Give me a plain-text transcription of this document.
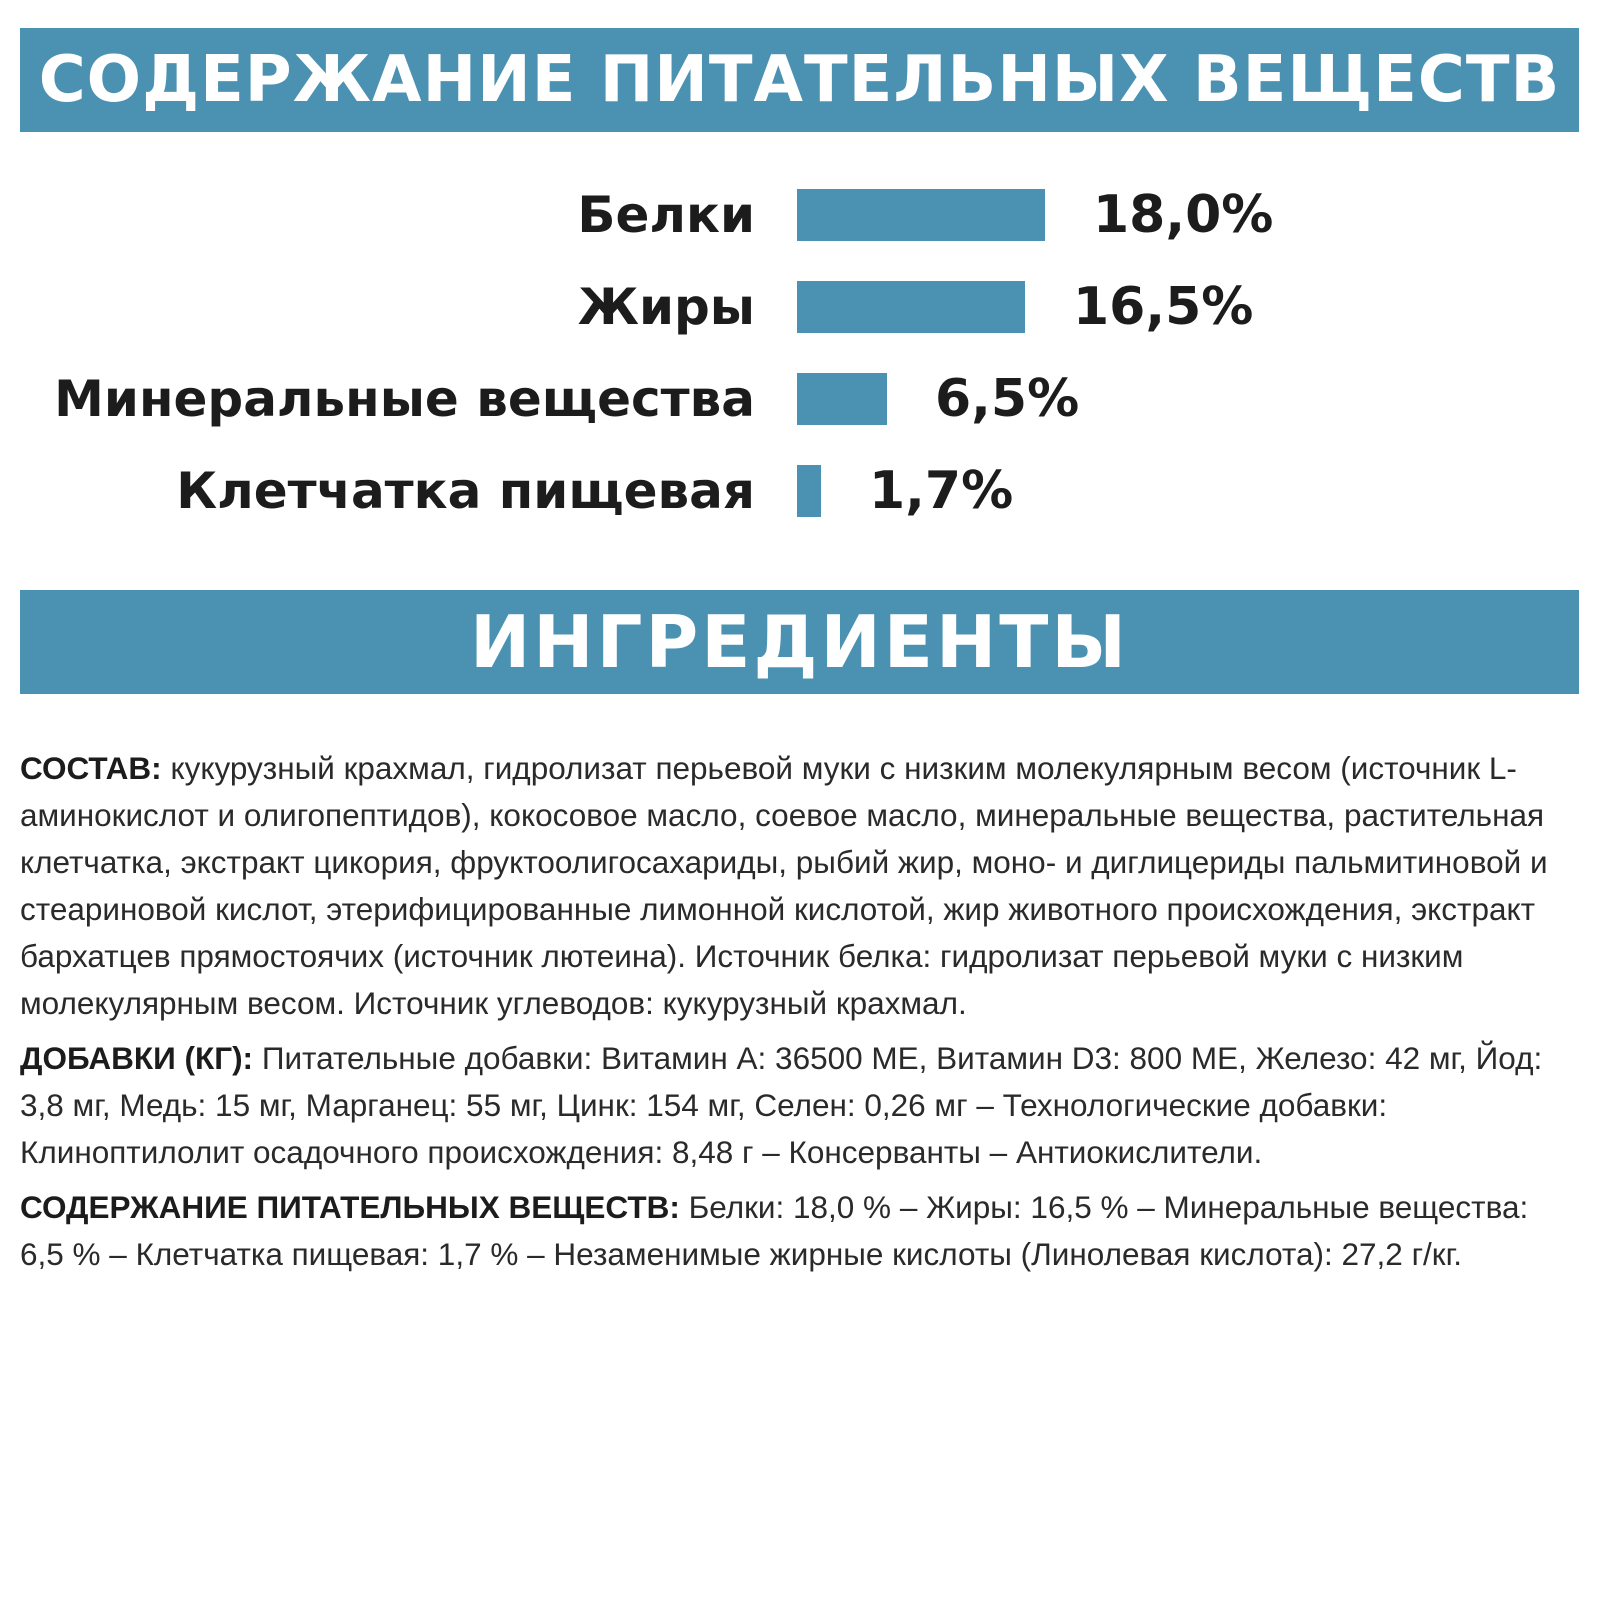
СОДЕРЖАНИЕ ПИТАТЕЛЬНЫХ ВЕЩЕСТВ
Белки	18,0%
Жиры	16,5%
Минеральные вещества	6,5%
Клетчатка пищевая 1,7%
ИНГРЕДИЕНТЫ

СОСТАВ: кукурузный крахмал, гидролизат перьевой муки с низким молекулярным весом (источник L-аминокислот и олигопептидов), кокосовое масло, соевое масло, минеральные вещества, растительная клетчатка, экстракт цикория, фруктоолигосахариды, рыбий жир, моно- и диглицериды пальмитиновой и стеариновой кислот, этерифицированные лимонной кислотой, жир животного происхождения, экстракт бархатцев прямостоячих (источник лютеина). Источник белка: гидролизат перьевой муки с низким молекулярным весом. Источник углеводов: кукурузный крахмал.

ДОБАВКИ (КГ): Питательные добавки: Витамин A: 36500 МЕ, Витамин D3: 800 МЕ, Железо: 42 мг, Йод: 3,8 мг, Медь: 15 мг, Марганец: 55 мг, Цинк: 154 мг, Селен: 0,26 мг – Технологические добавки: Клиноптилолит осадочного происхождения: 8,48 г – Консерванты – Антиокислители.

СОДЕРЖАНИЕ ПИТАТЕЛЬНЫХ ВЕЩЕСТВ: Белки: 18,0 % – Жиры: 16,5 % – Минеральные вещества: 6,5 % – Клетчатка пищевая: 1,7 % – Незаменимые жирные кислоты (Линолевая кислота): 27,2 г/кг.
